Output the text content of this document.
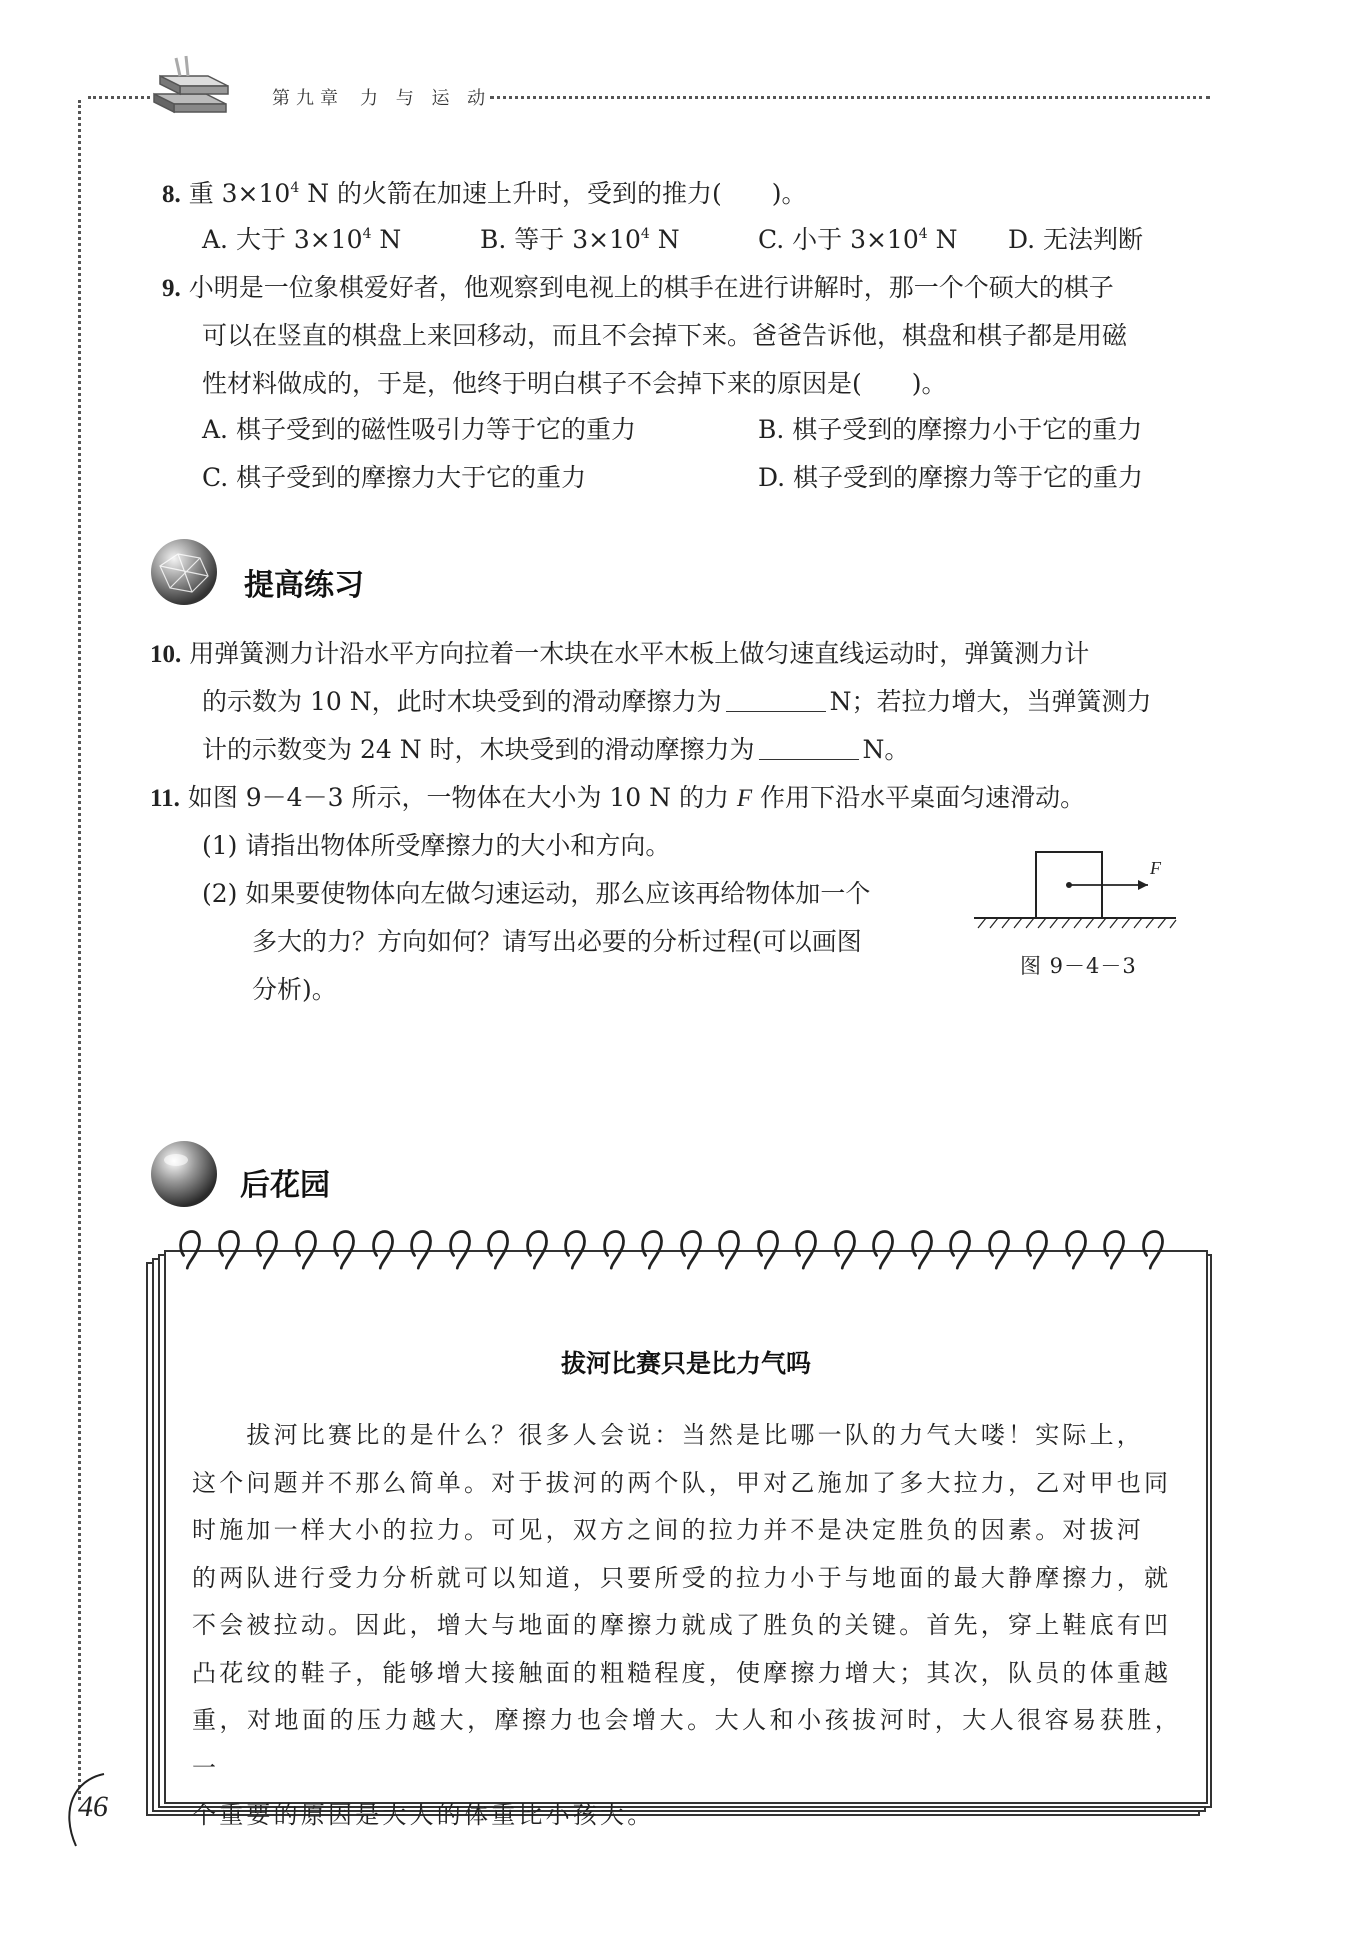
第九章 力 与 运 动
8. 重 $3\times 10^4$ N 的火箭在加速上升时，受到的推力(　　)。
A. 大于 $3\times 10^4$ N	B. 等于 $3\times 10^4$ N	C. 小于 $3\times 10^4$ N D. 无法判断
9. 小明是一位象棋爱好者，他观察到电视上的棋手在进行讲解时，那一个个硕大的棋子
可以在竖直的棋盘上来回移动，而且不会掉下来。爸爸告诉他，棋盘和棋子都是用磁
性材料做成的，于是，他终于明白棋子不会掉下来的原因是(　　)。
A. 棋子受到的磁性吸引力等于它的重力	B. 棋子受到的摩擦力小于它的重力
C. 棋子受到的摩擦力大于它的重力	D. 棋子受到的摩擦力等于它的重力
提高练习
10. 用弹簧测力计沿水平方向拉着一木块在水平木板上做匀速直线运动时，弹簧测力计
的示数为 10 N，此时木块受到的滑动摩擦力为	N；若拉力增大，当弹簧测力
计的示数变为 24 N 时，木块受到的滑动摩擦力为	N。
11. 如图 9－4－3 所示，一物体在大小为 10 N 的力 F 作用下沿水平桌面匀速滑动。
(1) 请指出物体所受摩擦力的大小和方向。
(2) 如果要使物体向左做匀速运动，那么应该再给物体加一个
多大的力？方向如何？请写出必要的分析过程(可以画图
分析)。
F
图 9－4－3
后花园
拔河比赛只是比力气吗
　　拔河比赛比的是什么？很多人会说：当然是比哪一队的力气大喽！实际上，
这个问题并不那么简单。对于拔河的两个队，甲对乙施加了多大拉力，乙对甲也同
时施加一样大小的拉力。可见，双方之间的拉力并不是决定胜负的因素。对拔河
的两队进行受力分析就可以知道，只要所受的拉力小于与地面的最大静摩擦力，就
不会被拉动。因此，增大与地面的摩擦力就成了胜负的关键。首先，穿上鞋底有凹
凸花纹的鞋子，能够增大接触面的粗糙程度，使摩擦力增大；其次，队员的体重越
重，对地面的压力越大，摩擦力也会增大。大人和小孩拔河时，大人很容易获胜，一
个重要的原因是大人的体重比小孩大。
46
